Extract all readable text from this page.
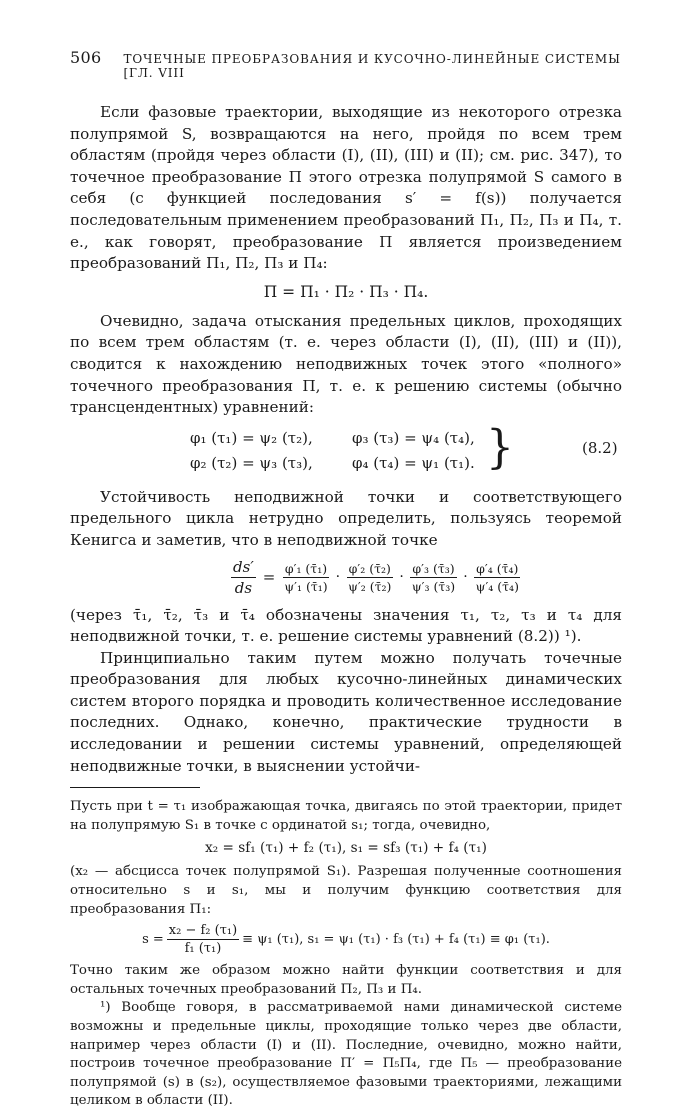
506 ТОЧЕЧНЫЕ ПРЕОБРАЗОВАНИЯ И КУСОЧНО-ЛИНЕЙНЫЕ СИСТЕМЫ [ГЛ. VIII

Если фазовые траектории, выходящие из некоторого отрезка полупрямой S, возвращаются на него, пройдя по всем трем областям (пройдя через области (I), (II), (III) и (II); см. рис. 347), то точечное преобразование П этого отрезка полупрямой S самого в себя (с функцией последования s′ = f(s)) получается последовательным применением преобразований П₁, П₂, П₃ и П₄, т. е., как говорят, преобразование П является произведением преобразований П₁, П₂, П₃ и П₄:

П = П₁ · П₂ · П₃ · П₄.

Очевидно, задача отыскания предельных циклов, проходящих по всем трем областям (т. е. через области (I), (II), (III) и (II)), сводится к нахождению неподвижных точек этого «полного» точечного преобразования П, т. е. к решению системы (обычно трансцендентных) уравнений:

φ₁ (τ₁) = ψ₂ (τ₂),	φ₃ (τ₃) = ψ₄ (τ₄),
φ₂ (τ₂) = ψ₃ (τ₃),	φ₄ (τ₄) = ψ₁ (τ₁). }	(8.2)

Устойчивость неподвижной точки и соответствующего предельного цикла нетрудно определить, пользуясь теоремой Кенигса и заметив, что в неподвижной точке

$\frac{ds'}{ds} = \frac{\text{φ′₁ (τ̄₁)}}{\text{ψ′₁ (τ̄₁)}} \cdot \frac{\text{φ′₂ (τ̄₂)}}{\text{ψ′₂ (τ̄₂)}} \cdot \frac{\text{φ′₃ (τ̄₃)}}{\text{ψ′₃ (τ̄₃)}} \cdot \frac{\text{φ′₄ (τ̄₄)}}{\text{ψ′₄ (τ̄₄)}}$

(через τ̄₁, τ̄₂, τ̄₃ и τ̄₄ обозначены значения τ₁, τ₂, τ₃ и τ₄ для неподвижной точки, т. е. решение системы уравнений (8.2)) ¹).

Принципиально таким путем можно получать точечные преобразования для любых кусочно-линейных динамических систем второго порядка и проводить количественное исследование последних. Однако, конечно, практические трудности в исследовании и решении системы уравнений, определяющей неподвижные точки, в выяснении устойчи-

Пусть при t = τ₁ изображающая точка, двигаясь по этой траектории, придет на полупрямую S₁ в точке с ординатой s₁; тогда, очевидно,

x₂ = sf₁ (τ₁) + f₂ (τ₁), s₁ = sf₃ (τ₁) + f₄ (τ₁)

(x₂ — абсцисса точек полупрямой S₁). Разрешая полученные соотношения относительно s и s₁, мы и получим функцию соответствия для преобразования П₁:

$s = \frac{\text{x₂ − f₂ (τ₁)}}{\text{f₁ (τ₁)}} \equiv \psi_1$ (τ₁), s₁ = ψ₁ (τ₁) · f₃ (τ₁) + f₄ (τ₁) ≡ φ₁ (τ₁).

Точно таким же образом можно найти функции соответствия и для остальных точечных преобразований П₂, П₃ и П₄.

¹) Вообще говоря, в рассматриваемой нами динамической системе возможны и предельные циклы, проходящие только через две области, например через области (I) и (II). Последние, очевидно, можно найти, построив точечное преобразование П′ = П₅П₄, где П₅ — преобразование полупрямой (s) в (s₂), осуществляемое фазовыми траекториями, лежащими целиком в области (II).
